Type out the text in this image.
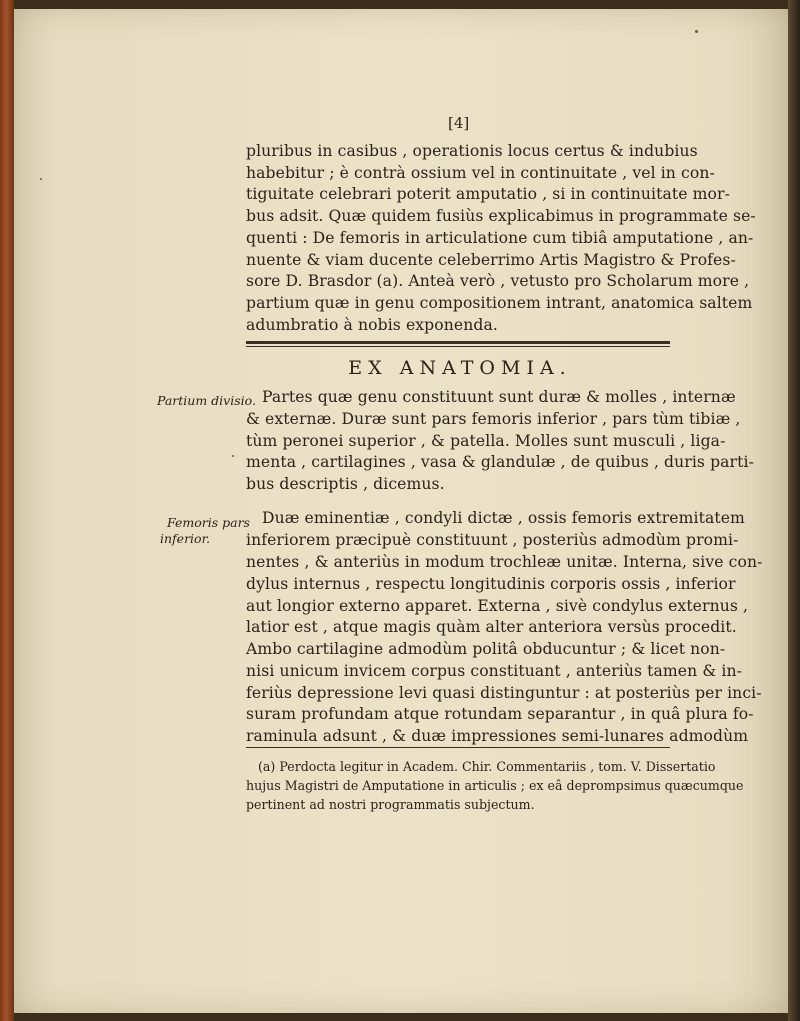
[4]
pluribus in casibus , operationis locus certus & indubius
habebitur ; è contrà ossium vel in continuitate , vel in con-
tiguitate celebrari poterit amputatio , si in continuitate mor-
bus adsit. Quæ quidem fusiùs explicabimus in programmate se-
quenti : De femoris in articulatione cum tibiâ amputatione , an-
nuente & viam ducente celeberrimo Artis Magistro & Profes-
sore D. Brasdor (a). Anteà verò , vetusto pro Scholarum more ,
partium quæ in genu compositionem intrant, anatomica saltem
adumbratio à nobis exponenda.
EX ANATOMIA.
Partium divisio.
Femoris pars
inferior.
Partes quæ genu constituunt sunt duræ & molles , internæ
& externæ. Duræ sunt pars femoris inferior , pars tùm tibiæ ,
tùm peronei superior , & patella. Molles sunt musculi , liga-
menta , cartilagines , vasa & glandulæ , de quibus , duris parti-
bus descriptis , dicemus.
Duæ eminentiæ , condyli dictæ , ossis femoris extremitatem
inferiorem præcipuè constituunt , posteriùs admodùm promi-
nentes , & anteriùs in modum trochleæ unitæ. Interna, sive con-
dylus internus , respectu longitudinis corporis ossis , inferior
aut longior externo apparet. Externa , sivè condylus externus ,
latior est , atque magis quàm alter anteriora versùs procedit.
Ambo cartilagine admodùm politâ obducuntur ; & licet non-
nisi unicum invicem corpus constituant , anteriùs tamen & in-
feriùs depressione levi quasi distinguntur : at posteriùs per inci-
suram profundam atque rotundam separantur , in quâ plura fo-
raminula adsunt , & duæ impressiones semi-lunares admodùm
(a) Perdocta legitur in Academ. Chir. Commentariis , tom. V. Dissertatio
hujus Magistri de Amputatione in articulis ; ex eâ deprompsimus quæcumque
pertinent ad nostri programmatis subjectum.
